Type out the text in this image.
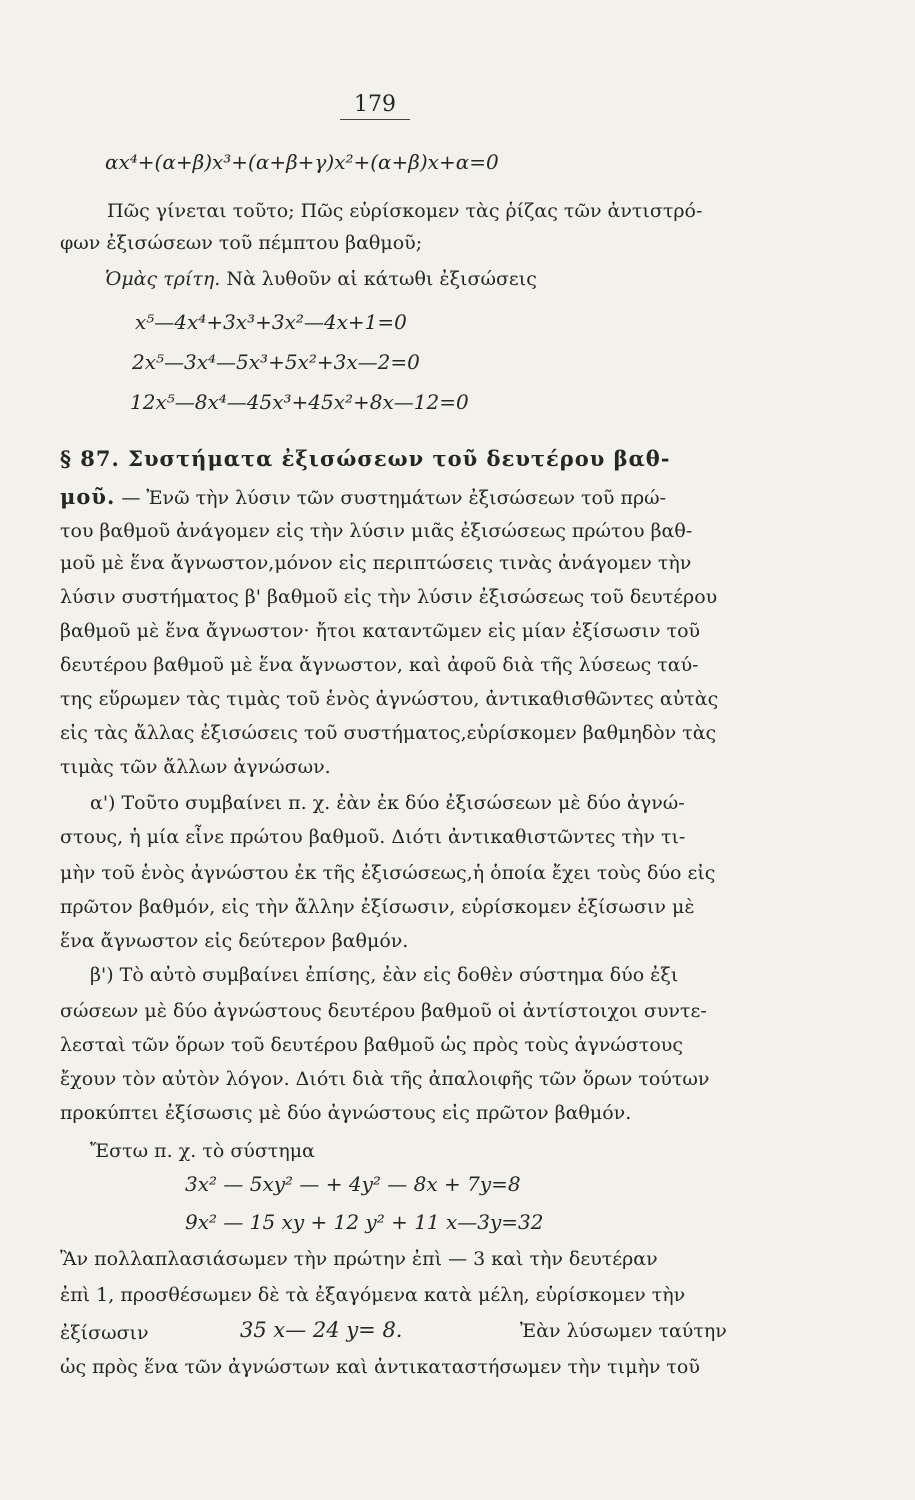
179
αx⁴+(α+β)x³+(α+β+γ)x²+(α+β)x+α=0
Πῶς γίνεται τοῦτο; Πῶς εὑρίσκομεν τὰς ῥίζας τῶν ἀντιστρό-
φων ἐξισώσεων τοῦ πέμπτου βαθμοῦ;
Ὁμὰς τρίτη. Νὰ λυθοῦν αἱ κάτωθι ἐξισώσεις
x⁵—4x⁴+3x³+3x²—4x+1=0
2x⁵—3x⁴—5x³+5x²+3x—2=0
12x⁵—8x⁴—45x³+45x²+8x—12=0
§ 87. Συστήματα ἐξισώσεων τοῦ δευτέρου βαθ-
μοῦ. — Ἐνῶ τὴν λύσιν τῶν συστημάτων ἐξισώσεων τοῦ πρώ-
του βαθμοῦ ἀνάγομεν εἰς τὴν λύσιν μιᾶς ἐξισώσεως πρώτου βαθ-
μοῦ μὲ ἕνα ἄγνωστον,μόνον εἰς περιπτώσεις τινὰς ἀνάγομεν τὴν
λύσιν συστήματος β' βαθμοῦ εἰς τὴν λύσιν ἐξισώσεως τοῦ δευτέρου
βαθμοῦ μὲ ἕνα ἄγνωστον· ἤτοι καταντῶμεν εἰς μίαν ἐξίσωσιν τοῦ
δευτέρου βαθμοῦ μὲ ἕνα ἄγνωστον, καὶ ἀφοῦ διὰ τῆς λύσεως ταύ-
της εὕρωμεν τὰς τιμὰς τοῦ ἑνὸς ἀγνώστου, ἀντικαθισθῶντες αὐτὰς
εἰς τὰς ἄλλας ἐξισώσεις τοῦ συστήματος,εὑρίσκομεν βαθμηδὸν τὰς
τιμὰς τῶν ἄλλων ἀγνώσων.
α') Τοῦτο συμβαίνει π. χ. ἐὰν ἐκ δύο ἐξισώσεων μὲ δύο ἀγνώ-
στους, ἡ μία εἶνε πρώτου βαθμοῦ. Διότι ἀντικαθιστῶντες τὴν τι-
μὴν τοῦ ἑνὸς ἀγνώστου ἐκ τῆς ἐξισώσεως,ἡ ὁποία ἔχει τοὺς δύο εἰς
πρῶτον βαθμόν, εἰς τὴν ἄλλην ἐξίσωσιν, εὑρίσκομεν ἐξίσωσιν μὲ
ἕνα ἄγνωστον εἰς δεύτερον βαθμόν.
β') Τὸ αὐτὸ συμβαίνει ἐπίσης, ἐὰν εἰς δοθὲν σύστημα δύο ἐξι
σώσεων μὲ δύο ἀγνώστους δευτέρου βαθμοῦ οἱ ἀντίστοιχοι συντε-
λεσταὶ τῶν ὅρων τοῦ δευτέρου βαθμοῦ ὡς πρὸς τοὺς ἀγνώστους
ἔχουν τὸν αὐτὸν λόγον. Διότι διὰ τῆς ἀπαλοιφῆς τῶν ὅρων τούτων
προκύπτει ἐξίσωσις μὲ δύο ἀγνώστους εἰς πρῶτον βαθμόν.
Ἔστω π. χ. τὸ σύστημα
3x² — 5xy² — + 4y² — 8x + 7y=8
9x² — 15 xy + 12 y² + 11 x—3y=32
Ἂν πολλαπλασιάσωμεν τὴν πρώτην ἐπὶ — 3 καὶ τὴν δευτέραν
ἐπὶ 1, προσθέσωμεν δὲ τὰ ἐξαγόμενα κατὰ μέλη, εὑρίσκομεν τὴν
ἐξίσωσιν	35 x— 24 y= 8.	Ἐὰν λύσωμεν ταύτην
ὡς πρὸς ἕνα τῶν ἀγνώστων καὶ ἀντικαταστήσωμεν τὴν τιμὴν τοῦ
